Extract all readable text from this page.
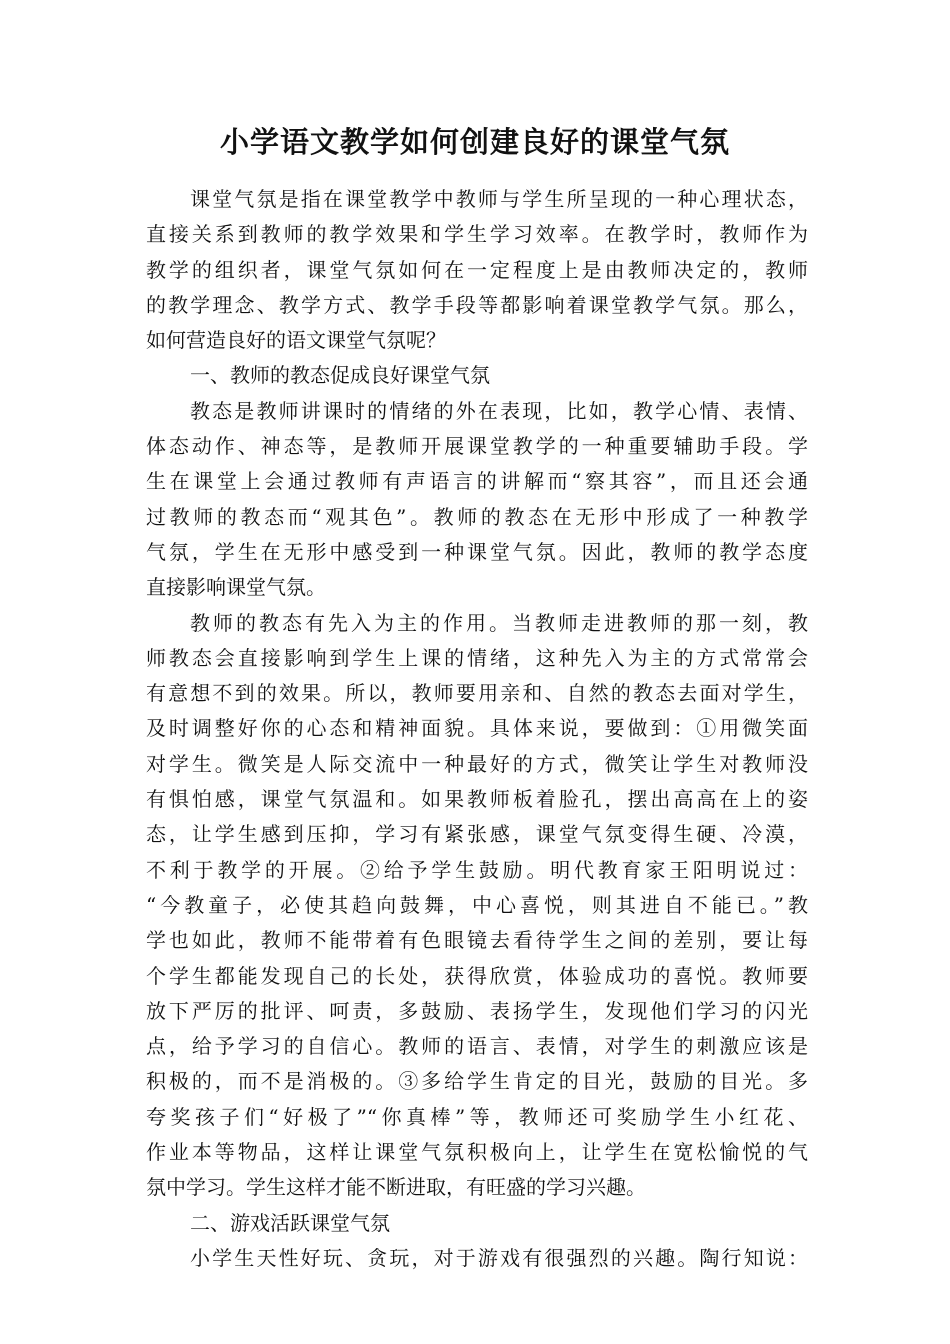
小学语文教学如何创建良好的课堂气氛
课堂气氛是指在课堂教学中教师与学生所呈现的一种心理状态，
直接关系到教师的教学效果和学生学习效率。在教学时，教师作为
教学的组织者，课堂气氛如何在一定程度上是由教师决定的，教师
的教学理念、教学方式、教学手段等都影响着课堂教学气氛。那么，
如何营造良好的语文课堂气氛呢？
一、教师的教态促成良好课堂气氛
教态是教师讲课时的情绪的外在表现，比如，教学心情、表情、
体态动作、神态等，是教师开展课堂教学的一种重要辅助手段。学
生在课堂上会通过教师有声语言的讲解而“察其容”，而且还会通
过教师的教态而“观其色”。教师的教态在无形中形成了一种教学
气氛，学生在无形中感受到一种课堂气氛。因此，教师的教学态度
直接影响课堂气氛。
教师的教态有先入为主的作用。当教师走进教师的那一刻，教
师教态会直接影响到学生上课的情绪，这种先入为主的方式常常会
有意想不到的效果。所以，教师要用亲和、自然的教态去面对学生，
及时调整好你的心态和精神面貌。具体来说，要做到：①用微笑面
对学生。微笑是人际交流中一种最好的方式，微笑让学生对教师没
有惧怕感，课堂气氛温和。如果教师板着脸孔，摆出高高在上的姿
态，让学生感到压抑，学习有紧张感，课堂气氛变得生硬、冷漠，
不利于教学的开展。②给予学生鼓励。明代教育家王阳明说过：
“今教童子，必使其趋向鼓舞，中心喜悦，则其进自不能已。”教
学也如此，教师不能带着有色眼镜去看待学生之间的差别，要让每
个学生都能发现自己的长处，获得欣赏，体验成功的喜悦。教师要
放下严厉的批评、呵责，多鼓励、表扬学生，发现他们学习的闪光
点，给予学习的自信心。教师的语言、表情，对学生的刺激应该是
积极的，而不是消极的。③多给学生肯定的目光，鼓励的目光。多
夸奖孩子们“好极了”“你真棒”等，教师还可奖励学生小红花、
作业本等物品，这样让课堂气氛积极向上，让学生在宽松愉悦的气
氛中学习。学生这样才能不断进取，有旺盛的学习兴趣。
二、游戏活跃课堂气氛
小学生天性好玩、贪玩，对于游戏有很强烈的兴趣。陶行知说：
